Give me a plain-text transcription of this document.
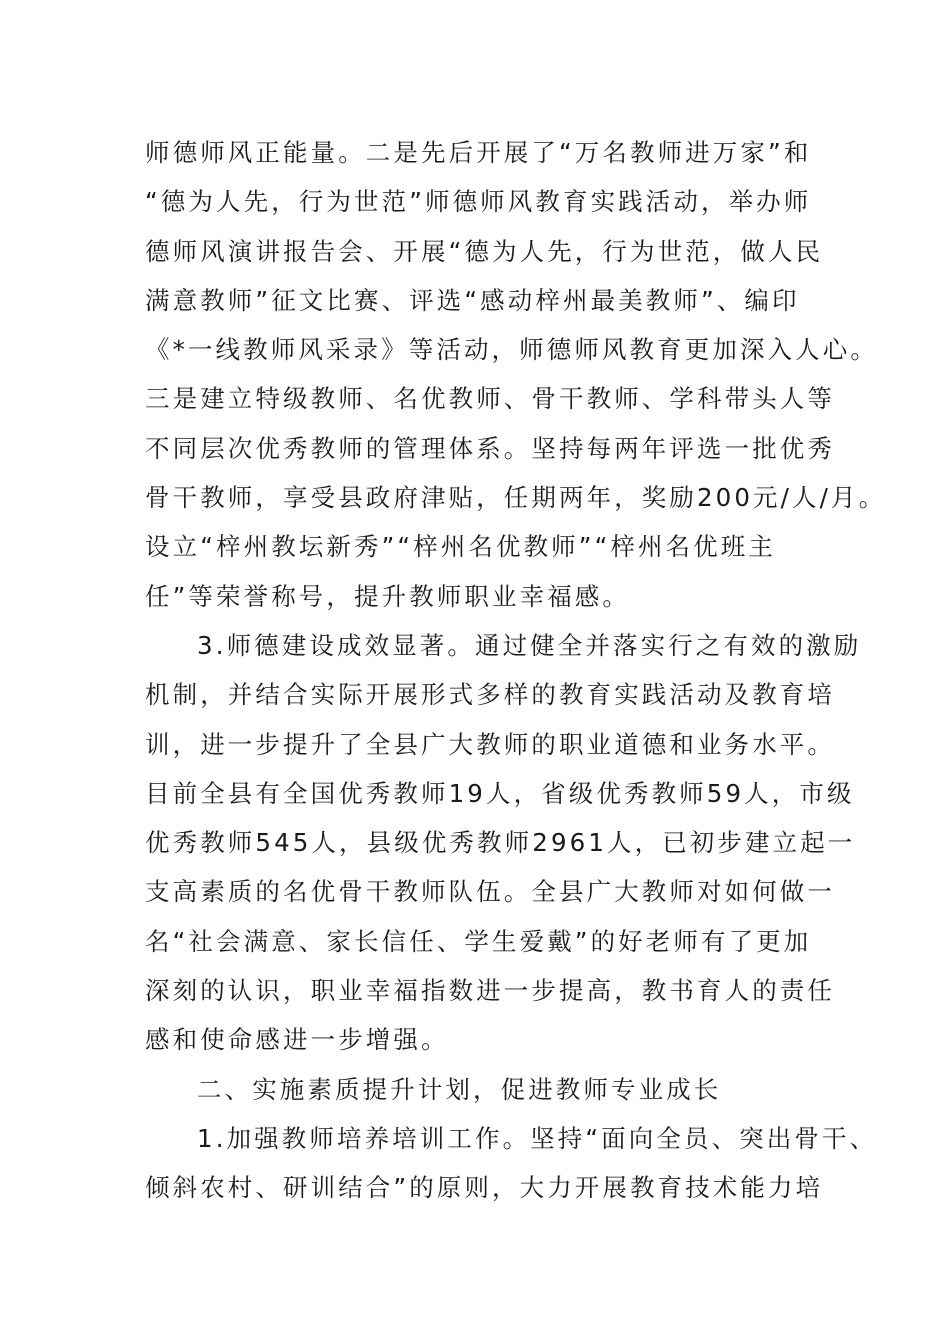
师德师风正能量。二是先后开展了“万名教师进万家”和
“德为人先，行为世范”师德师风教育实践活动，举办师
德师风演讲报告会、开展“德为人先，行为世范，做人民
满意教师”征文比赛、评选“感动梓州最美教师”、编印
《*一线教师风采录》等活动，师德师风教育更加深入人心。
三是建立特级教师、名优教师、骨干教师、学科带头人等
不同层次优秀教师的管理体系。坚持每两年评选一批优秀
骨干教师，享受县政府津贴，任期两年，奖励200元/人/月。
设立“梓州教坛新秀”“梓州名优教师”“梓州名优班主
任”等荣誉称号，提升教师职业幸福感。
3.师德建设成效显著。通过健全并落实行之有效的激励
机制，并结合实际开展形式多样的教育实践活动及教育培
训，进一步提升了全县广大教师的职业道德和业务水平。
目前全县有全国优秀教师19人，省级优秀教师59人，市级
优秀教师545人，县级优秀教师2961人，已初步建立起一
支高素质的名优骨干教师队伍。全县广大教师对如何做一
名“社会满意、家长信任、学生爱戴”的好老师有了更加
深刻的认识，职业幸福指数进一步提高，教书育人的责任
感和使命感进一步增强。
二、实施素质提升计划，促进教师专业成长
1.加强教师培养培训工作。坚持“面向全员、突出骨干、
倾斜农村、研训结合”的原则，大力开展教育技术能力培
